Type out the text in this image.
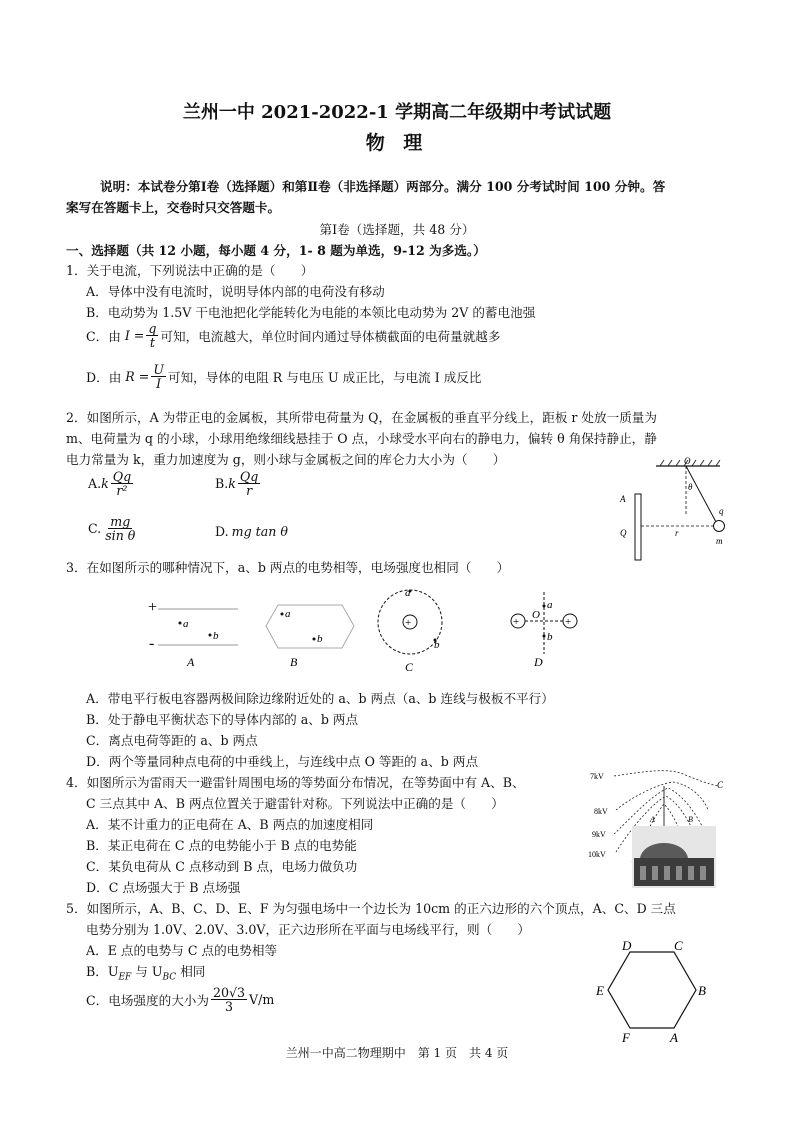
兰州一中 2021-2022-1 学期高二年级期中考试试题
物 理
说明：本试卷分第Ⅰ卷（选择题）和第Ⅱ卷（非选择题）两部分。满分 100 分考试时间 100 分钟。答
案写在答题卡上，交卷时只交答题卡。
第Ⅰ卷（选择题，共 48 分）
一、选择题（共 12 小题，每小题 4 分，1- 8 题为单选，9-12 为多选。）
1．关于电流，下列说法中正确的是（　　）
A．导体中没有电流时，说明导体内部的电荷没有移动
B．电动势为 1.5V 干电池把化学能转化为电能的本领比电动势为 2V 的蓄电池强
C．由 $I = \frac{q}{t}$ 可知，电流越大，单位时间内通过导体横截面的电荷量就越多
D．由 $R = \frac{U}{I}$ 可知，导体的电阻 R 与电压 U 成正比，与电流 I 成反比
2．如图所示，A 为带正电的金属板，其所带电荷量为 Q，在金属板的垂直平分线上，距板 r 处放一质量为
m、电荷量为 q 的小球，小球用绝缘细线悬挂于 O 点，小球受水平向右的静电力，偏转 θ 角保持静止，静
电力常量为 k，重力加速度为 g，则小球与金属板之间的库仑力大小为（　　）
A. k $\frac{Qq}{\text{r²}}$	B. k $\frac{Qq}{r}$
C. $\frac{mg}{\text{sin θ}}$	D. mg tan θ
O
θ
q
m
A
Q	r
3．在如图所示的哪种情况下，a、b 两点的电势相等，电场强度也相同（　　）
+
-
a
b
A
a
b
B
+
a
b
C
+	+
a
O
b
D
A．带电平行板电容器两极间除边缘附近处的 a、b 两点（a、b 连线与极板不平行）
B．处于静电平衡状态下的导体内部的 a、b 两点
C．离点电荷等距的 a、b 两点
D．两个等量同种点电荷的中垂线上，与连线中点 O 等距的 a、b 两点
4．如图所示为雷雨天一避雷针周围电场的等势面分布情况，在等势面中有 A、B、
C 三点其中 A、B 两点位置关于避雷针对称。下列说法中正确的是（　　）
A．某不计重力的正电荷在 A、B 两点的加速度相同
B．某正电荷在 C 点的电势能小于 B 点的电势能
C．某负电荷从 C 点移动到 B 点，电场力做负功
D．C 点场强大于 B 点场强
7kV
8kV
9kV
10kV
C
A	B
5．如图所示，A、B、C、D、E、F 为匀强电场中一个边长为 10cm 的正六边形的六个顶点，A、C、D 三点
电势分别为 1.0V、2.0V、3.0V，正六边形所在平面与电场线平行，则（　　）
A．E 点的电势与 C 点的电势相等
B．$U_{EF}$ 与 $U_{BC}$ 相同
C．电场强度的大小为 $\frac{20√3}{3} V/m$
D	C
E	B
F	A
兰州一中高二物理期中　第 1 页　共 4 页
